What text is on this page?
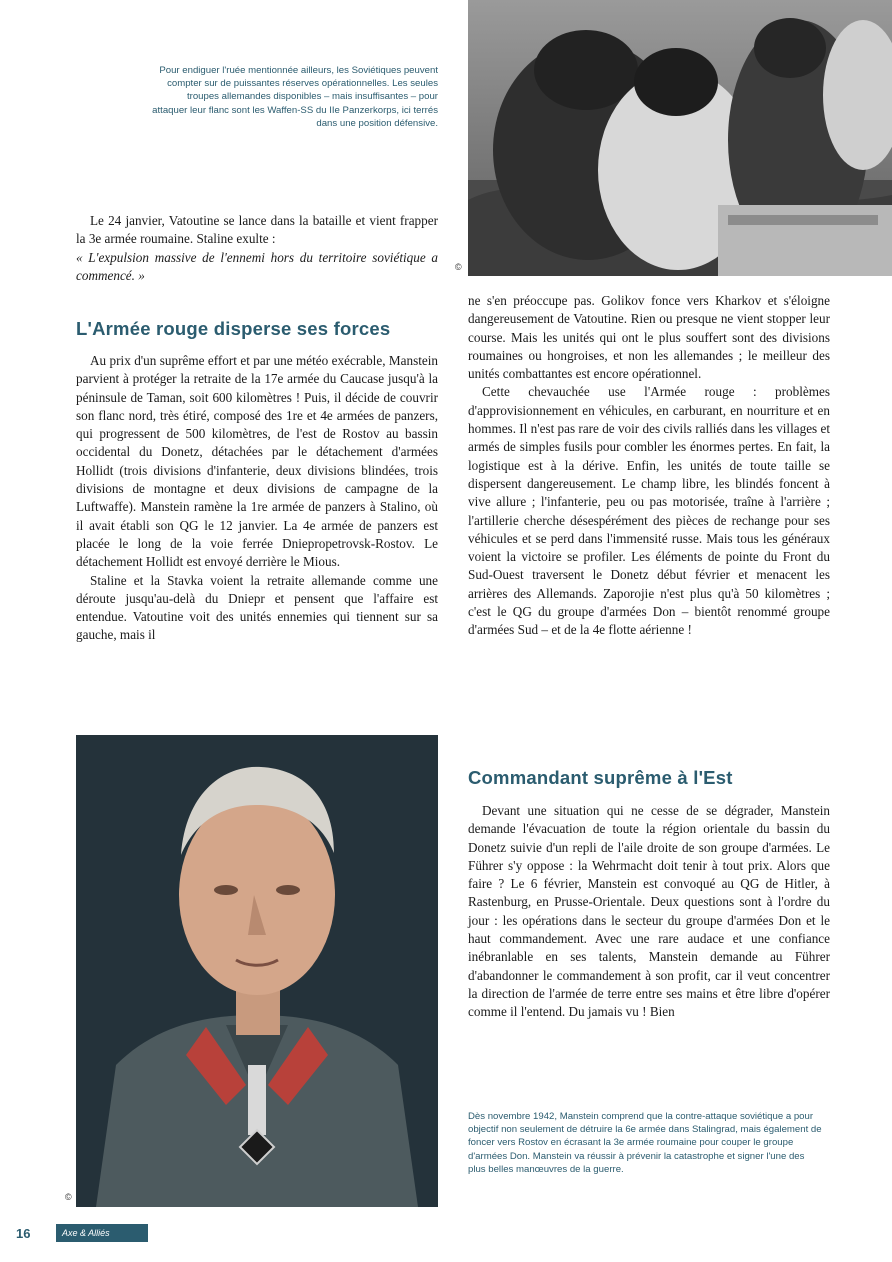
©
Pour endiguer l'ruée mentionnée ailleurs, les Soviétiques peuvent compter sur de puissantes réserves opérationnelles. Les seules troupes allemandes disponibles – mais insuffisantes – pour attaquer leur flanc sont les Waffen-SS du IIe Panzerkorps, ici terrés dans une position défensive.

Le 24 janvier, Vatoutine se lance dans la bataille et vient frapper la 3e armée roumaine. Staline exulte :

« L'expulsion massive de l'ennemi hors du territoire soviétique a commencé. »
L'Armée rouge disperse ses forces

Au prix d'un suprême effort et par une météo exécrable, Manstein parvient à protéger la retraite de la 17e armée du Caucase jusqu'à la péninsule de Taman, soit 600 kilomètres ! Puis, il décide de couvrir son flanc nord, très étiré, composé des 1re et 4e armées de panzers, qui progressent de 500 kilomètres, de l'est de Rostov au bassin occidental du Donetz, détachées par le détachement d'armées Hollidt (trois divisions d'infanterie, deux divisions blindées, trois divisions de montagne et deux divisions de campagne de la Luftwaffe). Manstein ramène la 1re armée de panzers à Stalino, où il avait établi son QG le 12 janvier. La 4e armée de panzers est placée le long de la voie ferrée Dniepropetrovsk-Rostov. Le détachement Hollidt est envoyé derrière le Mious.

Staline et la Stavka voient la retraite allemande comme une déroute jusqu'au-delà du Dniepr et pensent que l'affaire est entendue. Vatoutine voit des unités ennemies qui tiennent sur sa gauche, mais il

ne s'en préoccupe pas. Golikov fonce vers Kharkov et s'éloigne dangereusement de Vatoutine. Rien ou presque ne vient stopper leur course. Mais les unités qui ont le plus souffert sont des divisions roumaines ou hongroises, et non les allemandes ; le meilleur des unités combattantes est encore opérationnel.

Cette chevauchée use l'Armée rouge : problèmes d'approvisionnement en véhicules, en carburant, en nourriture et en hommes. Il n'est pas rare de voir des civils ralliés dans les villages et armés de simples fusils pour combler les énormes pertes. En fait, la logistique est à la dérive. Enfin, les unités de toute taille se dispersent dangereusement. Le champ libre, les blindés foncent à vive allure ; l'infanterie, peu ou pas motorisée, traîne à l'arrière ; l'artillerie cherche désespérément des pièces de rechange pour ses véhicules et se perd dans l'immensité russe. Mais tous les généraux voient la victoire se profiler. Les éléments de pointe du Front du Sud-Ouest traversent le Donetz début février et menacent les arrières des Allemands. Zaporojie n'est plus qu'à 50 kilomètres ; c'est le QG du groupe d'armées Don – bientôt renommé groupe d'armées Sud – et de la 4e flotte aérienne !

Commandant suprême à l'Est

Devant une situation qui ne cesse de se dégrader, Manstein demande l'évacuation de toute la région orientale du bassin du Donetz suivie d'un repli de l'aile droite de son groupe d'armées. Le Führer s'y oppose : la Wehrmacht doit tenir à tout prix. Alors que faire ? Le 6 février, Manstein est convoqué au QG de Hitler, à Rastenburg, en Prusse-Orientale. Deux questions sont à l'ordre du jour : les opérations dans le secteur du groupe d'armées Don et le haut commandement. Avec une rare audace et une confiance inébranlable en ses talents, Manstein demande au Führer d'abandonner le commandement à son profit, car il veut concentrer la direction de l'armée de terre entre ses mains et être libre d'opérer comme il l'entend. Du jamais vu ! Bien

©
Dès novembre 1942, Manstein comprend que la contre-attaque soviétique a pour objectif non seulement de détruire la 6e armée dans Stalingrad, mais également de foncer vers Rostov en écrasant la 3e armée roumaine pour couper le groupe d'armées Don. Manstein va réussir à prévenir la catastrophe et signer l'une des plus belles manœuvres de la guerre.
16	Axe & Alliés
